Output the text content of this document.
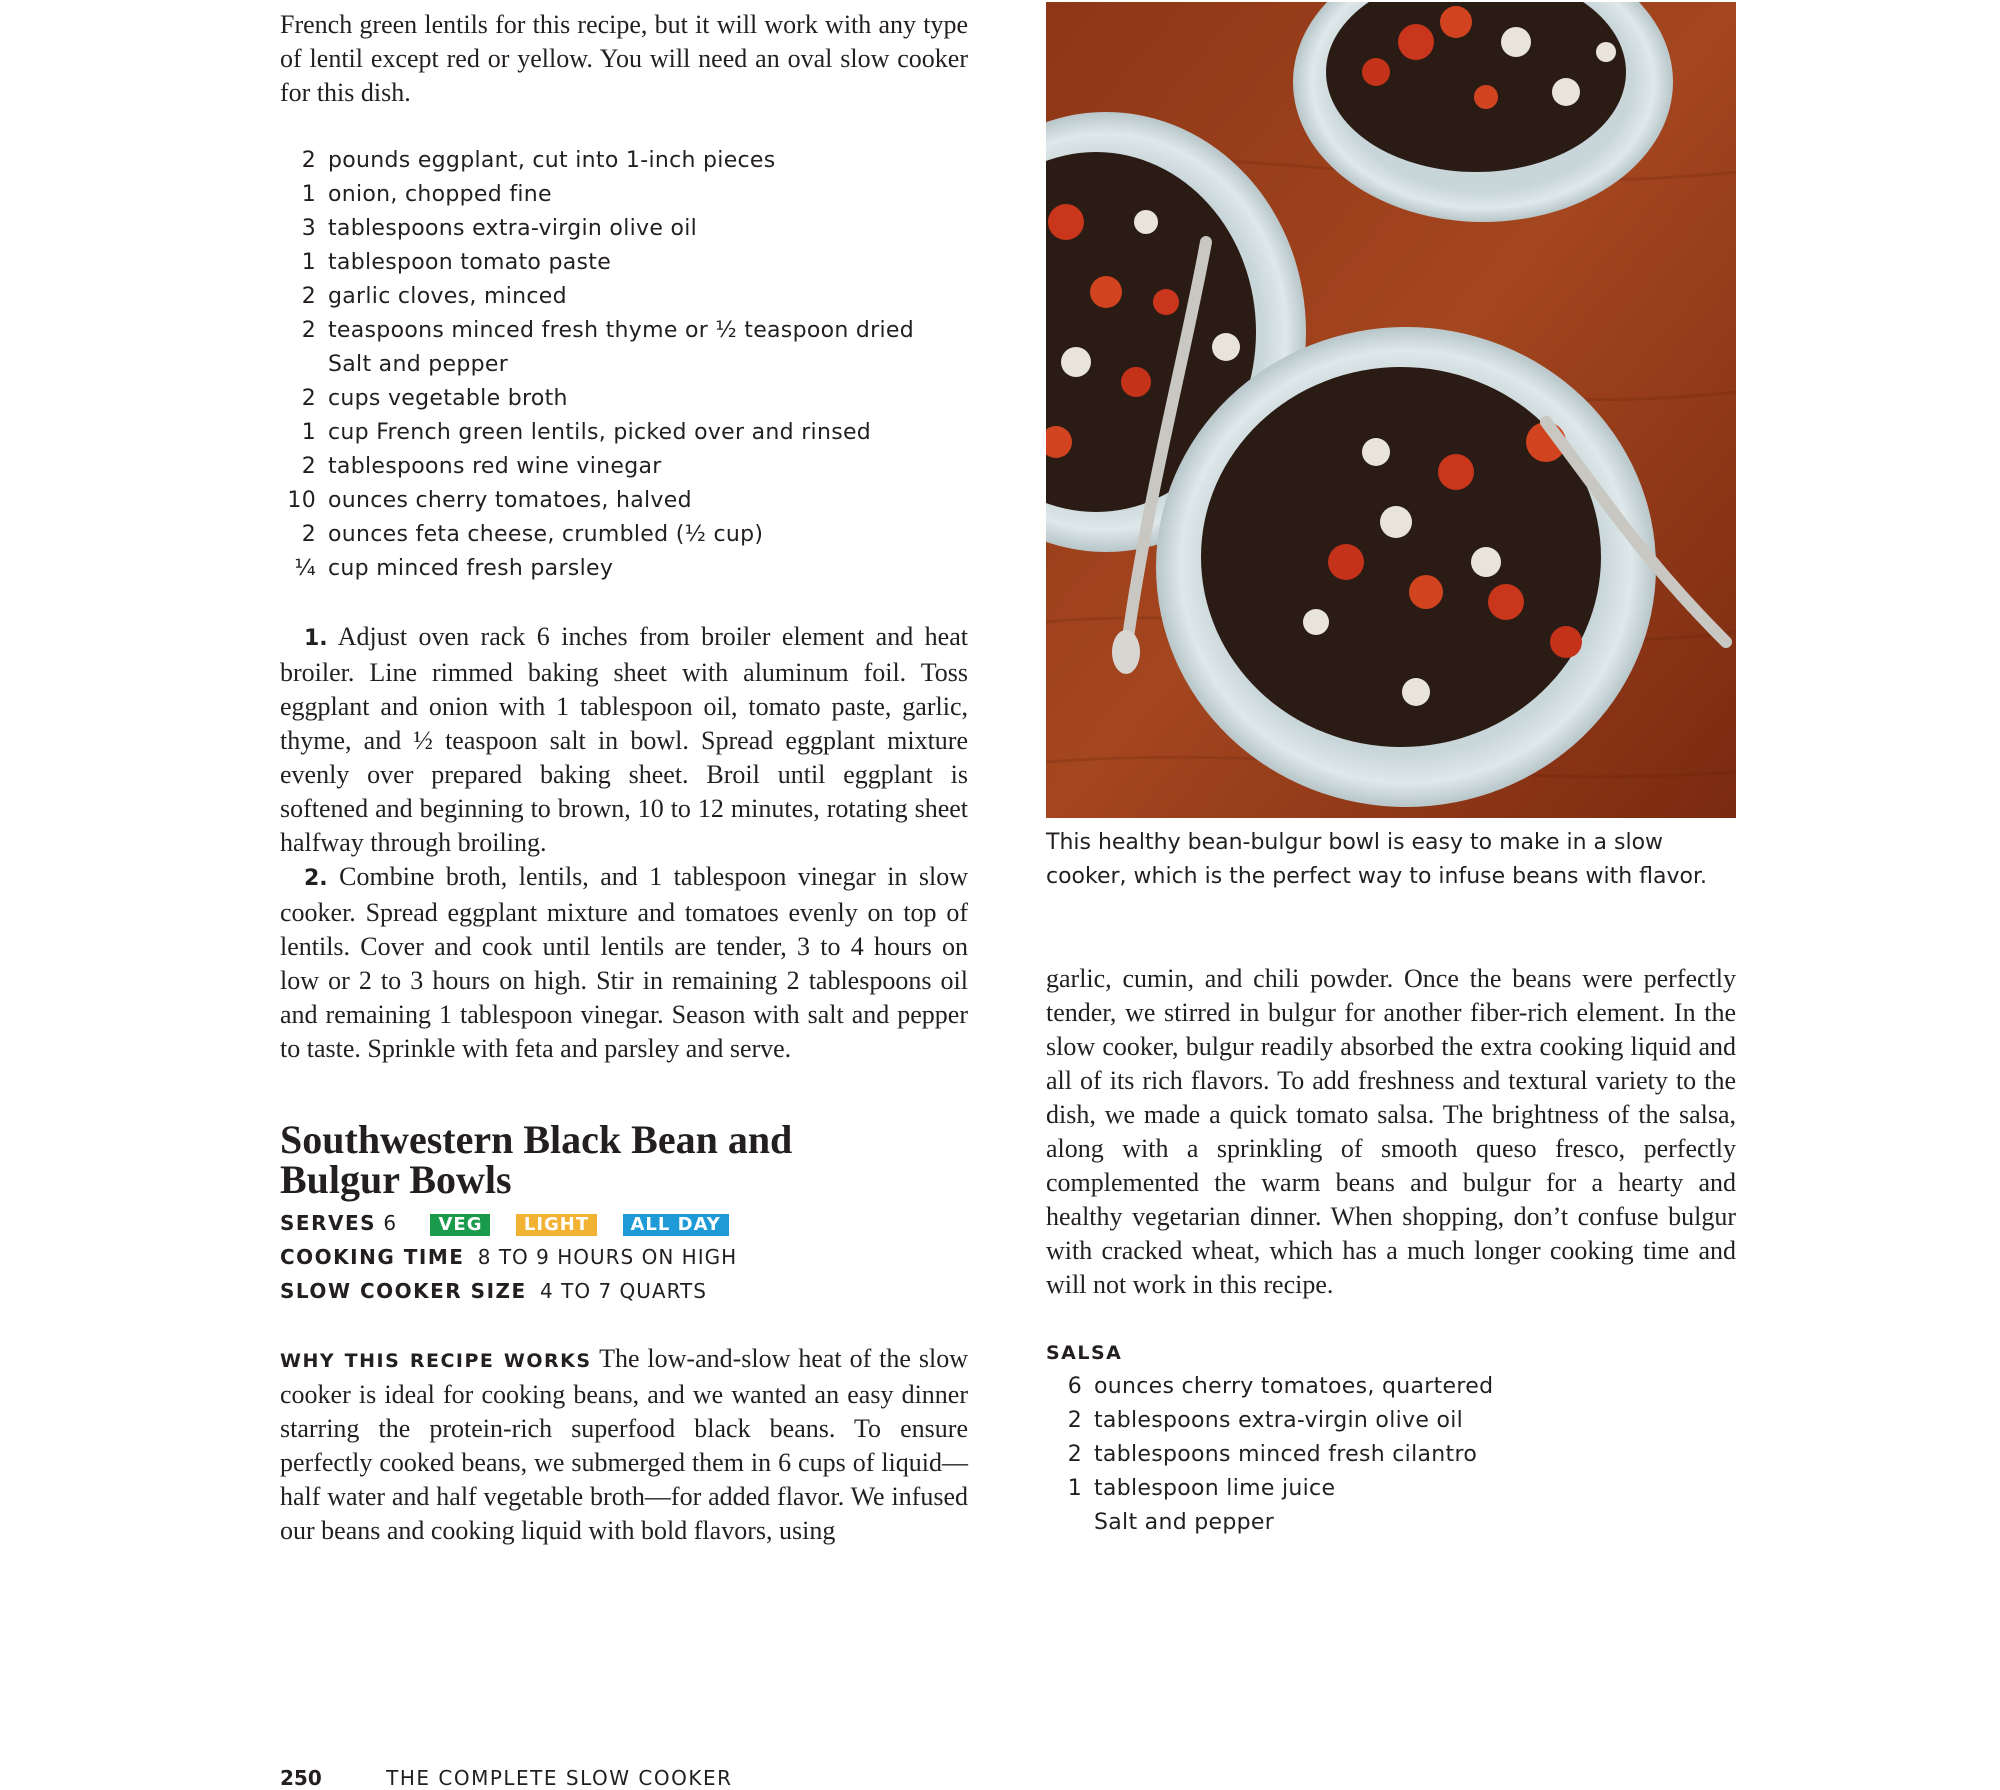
French green lentils for this recipe, but it will work with any type of lentil except red or yellow. You will need an oval slow cooker for this dish.

2 pounds eggplant, cut into 1-inch pieces
1 onion, chopped fine
3 tablespoons extra-virgin olive oil
1 tablespoon tomato paste
2 garlic cloves, minced
2 teaspoons minced fresh thyme or ½ teaspoon dried
Salt and pepper
2 cups vegetable broth
1 cup French green lentils, picked over and rinsed
2 tablespoons red wine vinegar
10 ounces cherry tomatoes, halved
2 ounces feta cheese, crumbled (½ cup)
¼ cup minced fresh parsley

1. Adjust oven rack 6 inches from broiler element and heat broiler. Line rimmed baking sheet with aluminum foil. Toss eggplant and onion with 1 tablespoon oil, tomato paste, garlic, thyme, and ½ teaspoon salt in bowl. Spread eggplant mixture evenly over prepared baking sheet. Broil until eggplant is softened and beginning to brown, 10 to 12 minutes, rotating sheet halfway through broiling.

2. Combine broth, lentils, and 1 tablespoon vinegar in slow cooker. Spread eggplant mixture and tomatoes evenly on top of lentils. Cover and cook until lentils are tender, 3 to 4 hours on low or 2 to 3 hours on high. Stir in remaining 2 tablespoons oil and remaining 1 tablespoon vinegar. Season with salt and pepper to taste. Sprinkle with feta and parsley and serve.

Southwestern Black Bean and
Bulgur Bowls
SERVES 6 VEG LIGHT ALL DAY
COOKING TIME 8 TO 9 HOURS ON HIGH
SLOW COOKER SIZE 4 TO 7 QUARTS

WHY THIS RECIPE WORKS The low-and-slow heat of the slow cooker is ideal for cooking beans, and we wanted an easy dinner starring the protein-rich superfood black beans. To ensure perfectly cooked beans, we submerged them in 6 cups of liquid—half water and half vegetable broth—for added flavor. We infused our beans and cooking liquid with bold flavors, using

This healthy bean-bulgur bowl is easy to make in a slow cooker, which is the perfect way to infuse beans with flavor.

garlic, cumin, and chili powder. Once the beans were perfectly tender, we stirred in bulgur for another fiber-rich element. In the slow cooker, bulgur readily absorbed the extra cooking liquid and all of its rich flavors. To add freshness and textural variety to the dish, we made a quick tomato salsa. The brightness of the salsa, along with a sprinkling of smooth queso fresco, perfectly complemented the warm beans and bulgur for a hearty and healthy vegetarian dinner. When shopping, don’t confuse bulgur with cracked wheat, which has a much longer cooking time and will not work in this recipe.

SALSA
6 ounces cherry tomatoes, quartered
2 tablespoons extra-virgin olive oil
2 tablespoons minced fresh cilantro
1 tablespoon lime juice
Salt and pepper
250	THE COMPLETE SLOW COOKER
